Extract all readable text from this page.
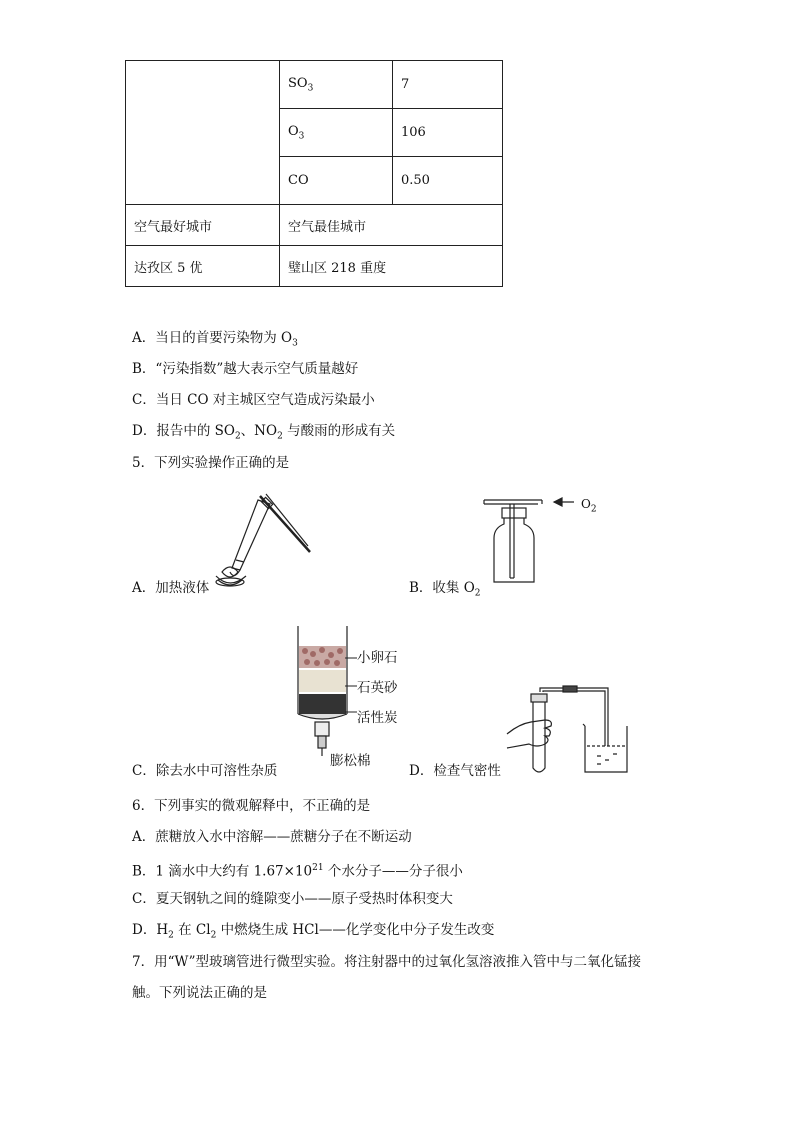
	$SO_3$	7
	$O_3$	106
	CO	0.50
空气最好城市	空气最佳城市	
达孜区 5 优	璧山区 218 重度	
A．当日的首要污染物为 $O_3$
B．“污染指数”越大表示空气质量越好
C．当日 CO 对主城区空气造成污染最小
D．报告中的 $SO_2$、$NO_2$ 与酸雨的形成有关
5．下列实验操作正确的是
A．加热液体
$O_2$
B．收集 $O_2$
小卵石
石英砂
活性炭
膨松棉
C．除去水中可溶性杂质	D．检查气密性
6．下列事实的微观解释中，不正确的是
A．蔗糖放入水中溶解——蔗糖分子在不断运动
B．1 滴水中大约有 $1.67\times 10^{21}$ 个水分子——分子很小
C．夏天钢轨之间的缝隙变小——原子受热时体积变大
D．$H_2$ 在 $Cl_2$ 中燃烧生成 HCl——化学变化中分子发生改变
7．用“W”型玻璃管进行微型实验。将注射器中的过氧化氢溶液推入管中与二氧化锰接
触。下列说法正确的是
